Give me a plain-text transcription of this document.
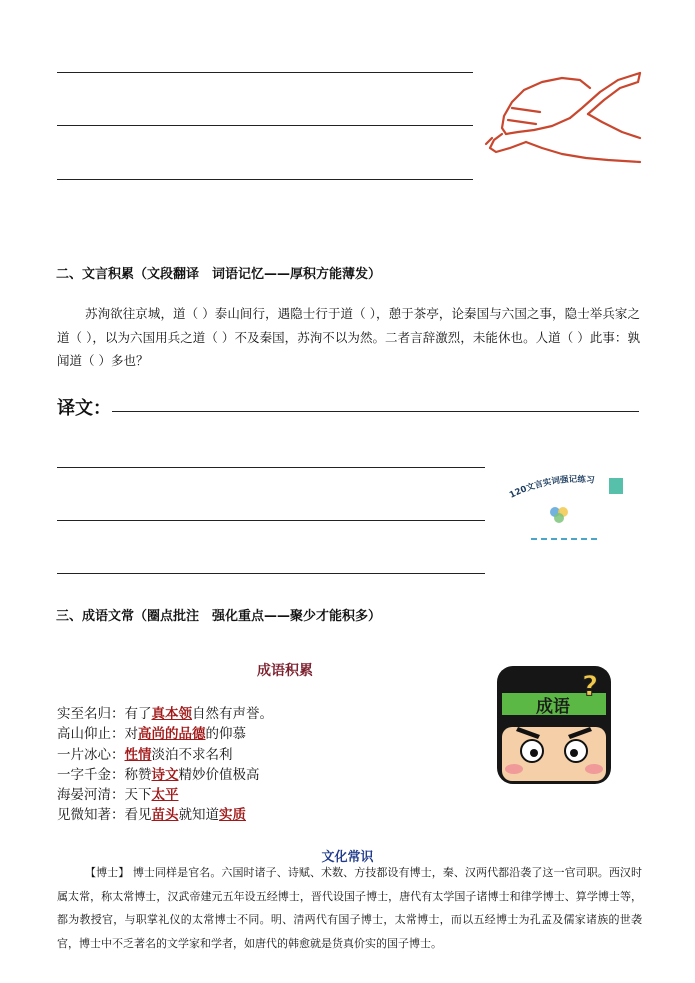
二、文言积累（文段翻译　词语记忆——厚积方能薄发）
苏洵欲往京城，道（ ）泰山间行，遇隐士行于道（ ），憩于茶亭，论秦国与六国之事，隐士举兵家之道（ ），以为六国用兵之道（ ）不及秦国，苏洵不以为然。二者言辞激烈，未能休也。人道（ ）此事：孰闻道（ ）多也？
译文：
120文言实词强记练习
三、成语文常（圈点批注　强化重点——聚少才能积多）
成语积累
实至名归：有了真本领自然有声誉。
高山仰止：对高尚的品德的仰慕
一片冰心：性情淡泊不求名利
一字千金：称赞诗文精妙价值极高
海晏河清：天下太平
见微知著：看见苗头就知道实质
成语
?
文化常识
【博士】 博士同样是官名。六国时诸子、诗赋、术数、方技都设有博士，秦、汉两代都沿袭了这一官司职。西汉时属太常，称太常博士，汉武帝建元五年设五经博士，晋代设国子博士，唐代有太学国子诸博士和律学博士、算学博士等，都为教授官，与职掌礼仪的太常博士不同。明、清两代有国子博士，太常博士，而以五经博士为孔孟及儒家诸族的世袭官，博士中不乏著名的文学家和学者，如唐代的韩愈就是货真价实的国子博士。
